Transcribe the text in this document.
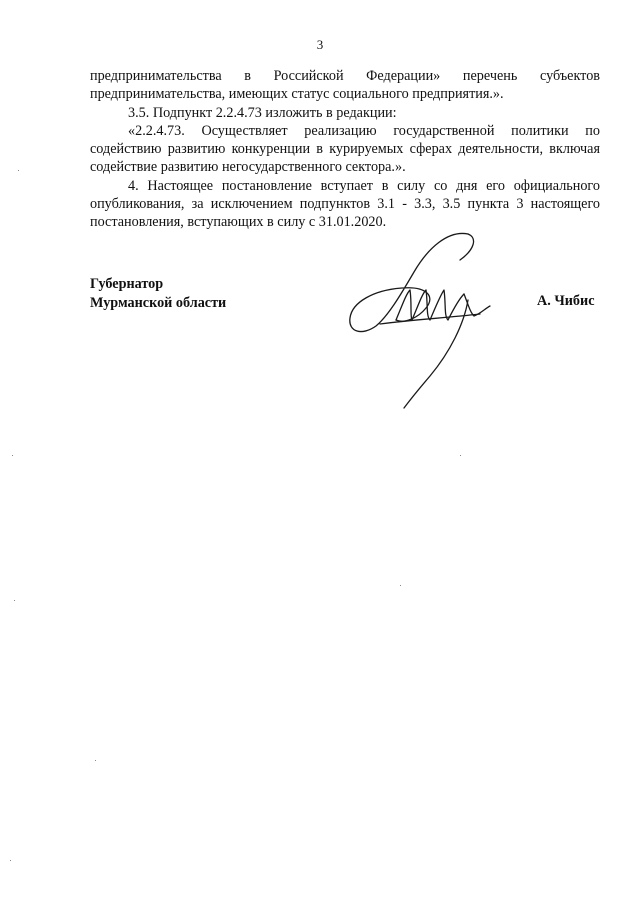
3

предпринимательства в Российской Федерации» перечень субъектов предпринимательства, имеющих статус социального предприятия.».

3.5. Подпункт 2.2.4.73 изложить в редакции:

«2.2.4.73. Осуществляет реализацию государственной политики по содействию развитию конкуренции в курируемых сферах деятельности, включая содействие развитию негосударственного сектора.».

4. Настоящее постановление вступает в силу со дня его официального опубликования, за исключением подпунктов 3.1 - 3.3, 3.5 пункта 3 настоящего постановления, вступающих в силу с 31.01.2020.

Губернатор
Мурманской области	А. Чибис
